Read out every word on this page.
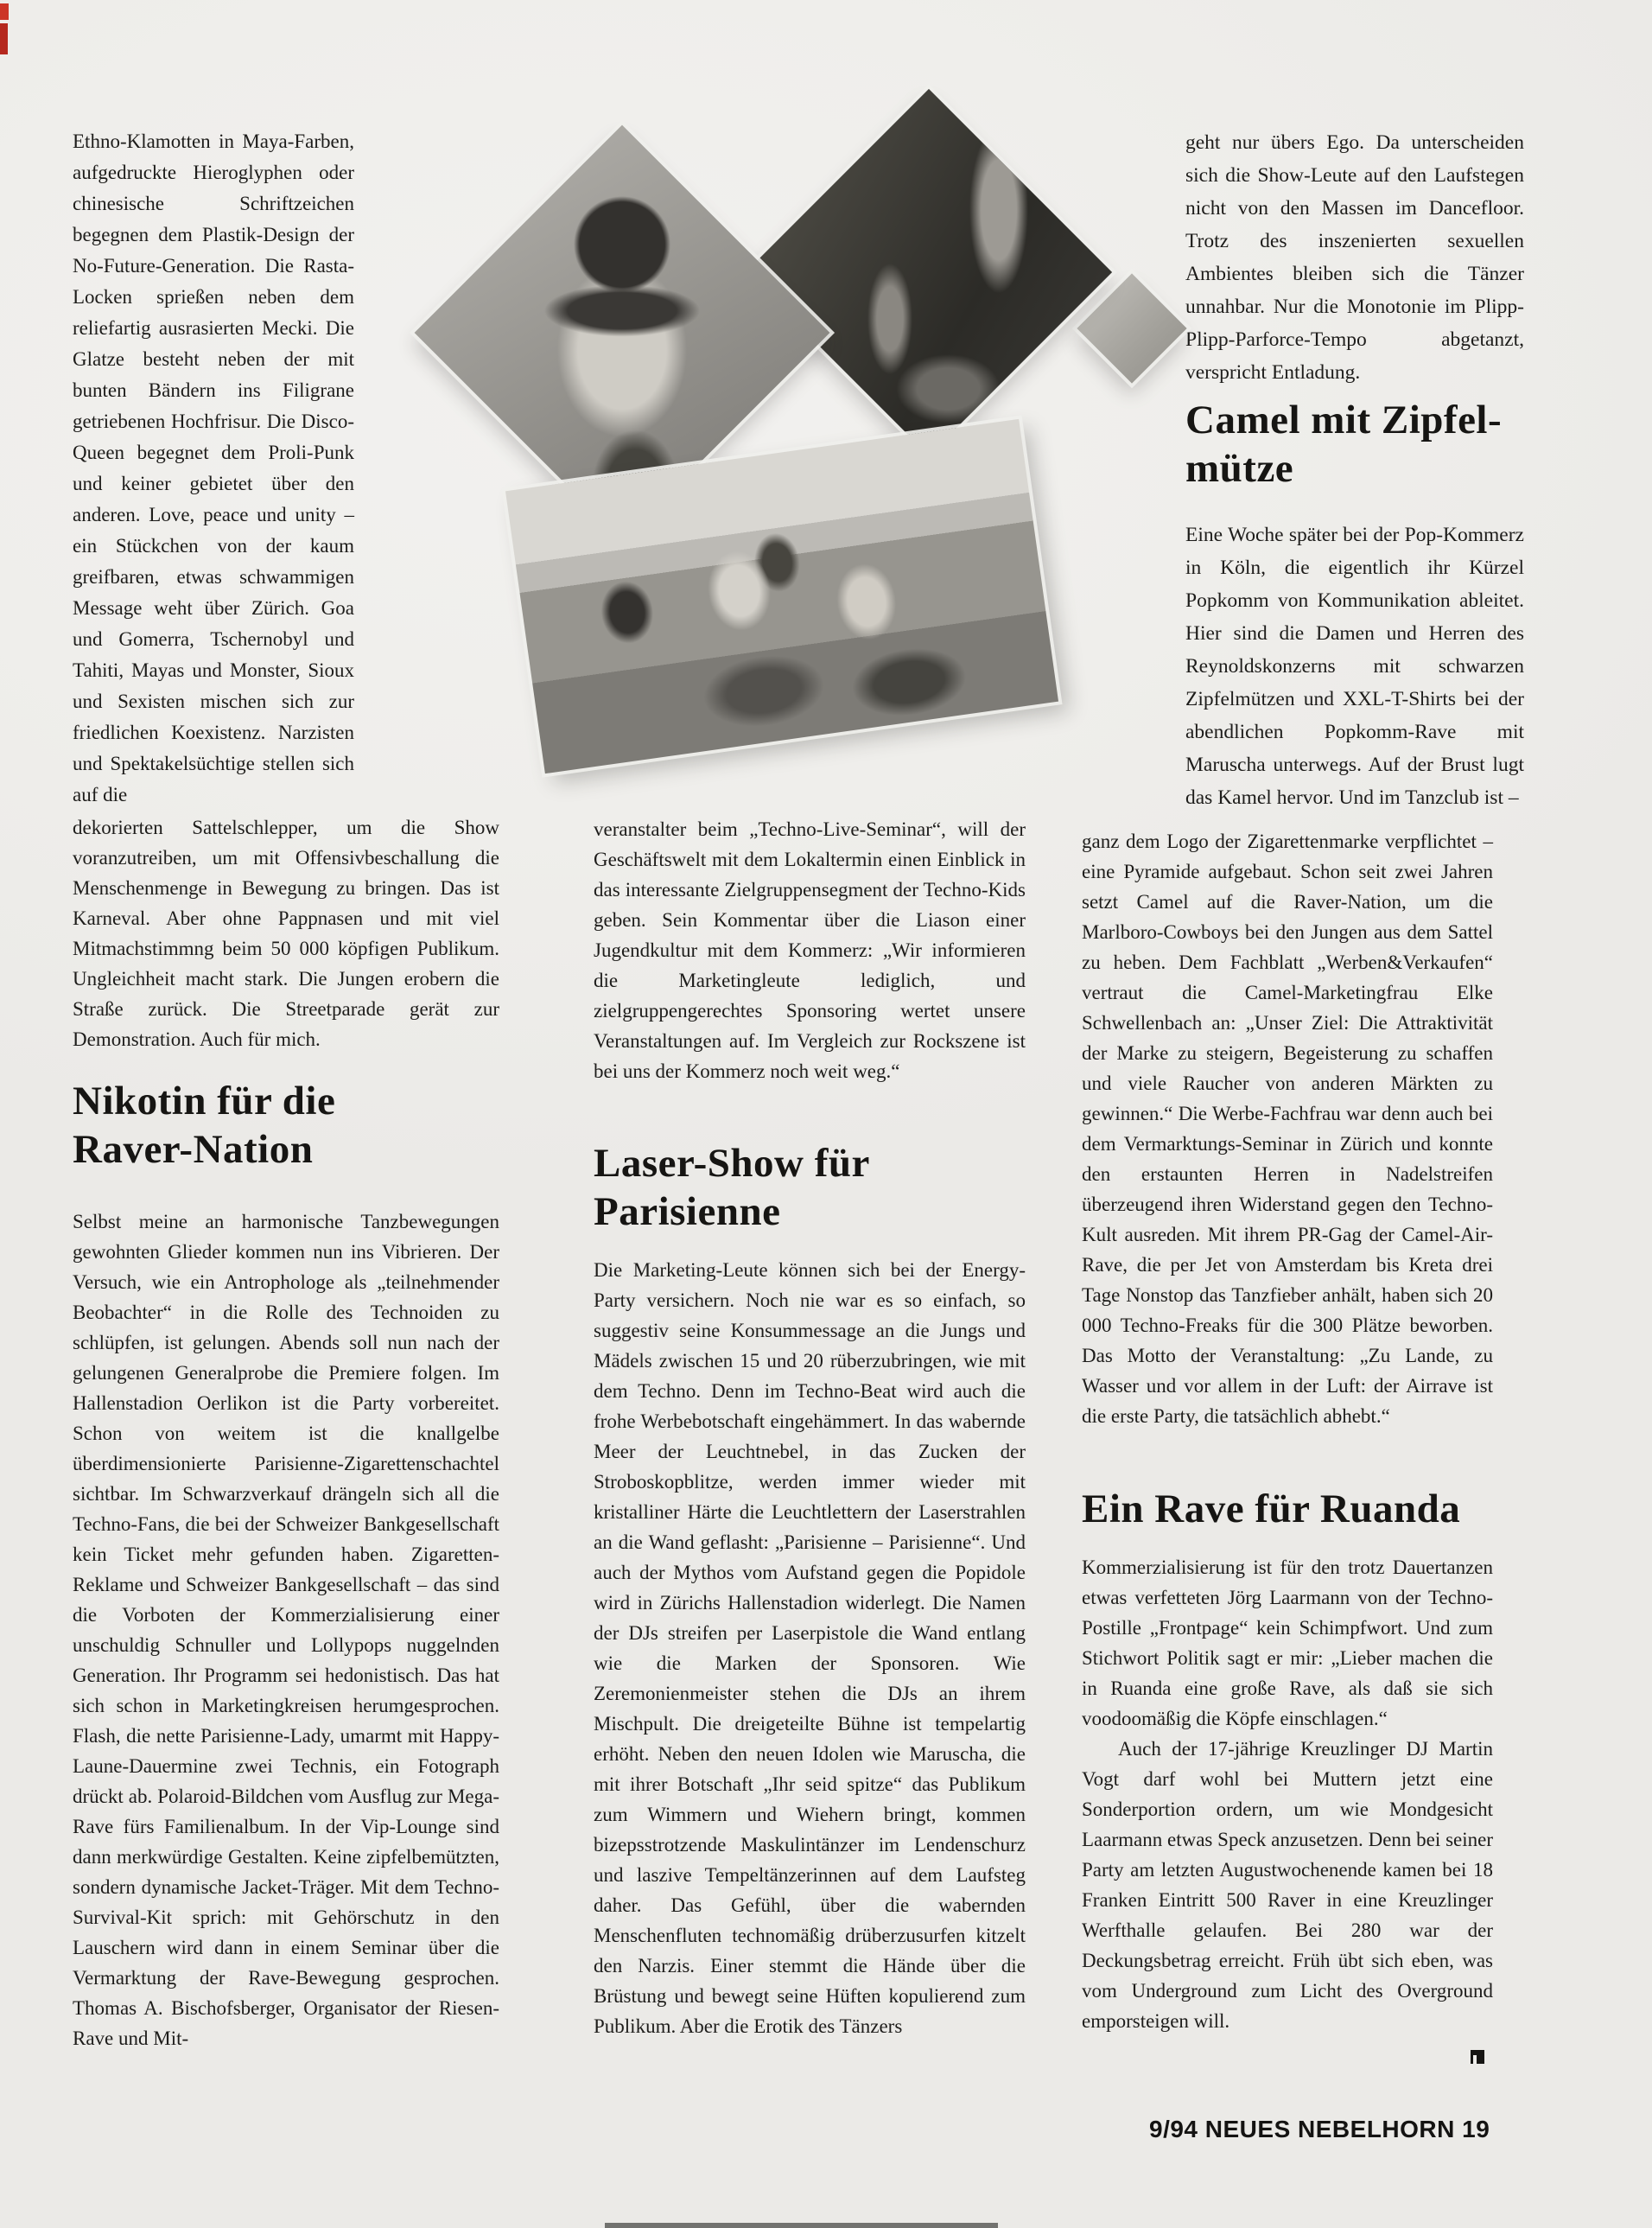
Ethno-Klamotten in Maya-Farben, aufgedruckte Hieroglyphen oder chinesische Schriftzeichen begegnen dem Plastik-Design der No-Future-Generation. Die Rasta-Locken sprießen neben dem reliefartig ausrasierten Mecki. Die Glatze besteht neben der mit bunten Bändern ins Filigrane getriebenen Hochfrisur. Die Disco-Queen begegnet dem Proli-Punk und keiner gebietet über den anderen. Love, peace und unity – ein Stückchen von der kaum greifbaren, etwas schwammigen Message weht über Zürich. Goa und Gomerra, Tschernobyl und Tahiti, Mayas und Monster, Sioux und Sexisten mischen sich zur friedlichen Koexistenz. Narzisten und Spektakelsüchtige stellen sich auf die
dekorierten Sattelschlepper, um die Show voranzutreiben, um mit Offensivbeschallung die Menschenmenge in Bewegung zu bringen. Das ist Karneval. Aber ohne Pappnasen und mit viel Mitmachstimmng beim 50 000 köpfigen Publikum. Ungleichheit macht stark. Die Jungen erobern die Straße zurück. Die Streetparade gerät zur Demonstration. Auch für mich.
Nikotin für die
Raver-Nation
Selbst meine an harmonische Tanzbewegungen gewohnten Glieder kommen nun ins Vibrieren. Der Versuch, wie ein Antrophologe als „teilnehmender Beobachter“ in die Rolle des Technoiden zu schlüpfen, ist gelungen. Abends soll nun nach der gelungenen Generalprobe die Premiere folgen. Im Hallenstadion Oerlikon ist die Party vorbereitet. Schon von weitem ist die knallgelbe überdimensionierte Parisienne-Zigarettenschachtel sichtbar. Im Schwarzverkauf drängeln sich all die Techno-Fans, die bei der Schweizer Bankgesellschaft kein Ticket mehr gefunden haben. Zigaretten-Reklame und Schweizer Bankgesellschaft – das sind die Vorboten der Kommerzialisierung einer unschuldig Schnuller und Lollypops nuggelnden Generation. Ihr Programm sei hedonistisch. Das hat sich schon in Marketingkreisen herumgesprochen. Flash, die nette Parisienne-Lady, umarmt mit Happy-Laune-Dauermine zwei Technis, ein Fotograph drückt ab. Polaroid-Bildchen vom Ausflug zur Mega-Rave fürs Familienalbum. In der Vip-Lounge sind dann merkwürdige Gestalten. Keine zipfelbemützten, sondern dynamische Jacket-Träger. Mit dem Techno-Survival-Kit sprich: mit Gehörschutz in den Lauschern wird dann in einem Seminar über die Vermarktung der Rave-Bewegung gesprochen. Thomas A. Bischofsberger, Organisator der Riesen-Rave und Mit-
veranstalter beim „Techno-Live-Seminar“, will der Geschäftswelt mit dem Lokaltermin einen Einblick in das interessante Zielgruppensegment der Techno-Kids geben. Sein Kommentar über die Liason einer Jugendkultur mit dem Kommerz: „Wir informieren die Marketingleute lediglich, und zielgruppengerechtes Sponsoring wertet unsere Veranstaltungen auf. Im Vergleich zur Rockszene ist bei uns der Kommerz noch weit weg.“
Laser-Show für
Parisienne
Die Marketing-Leute können sich bei der Energy-Party versichern. Noch nie war es so einfach, so suggestiv seine Konsummessage an die Jungs und Mädels zwischen 15 und 20 rüberzubringen, wie mit dem Techno. Denn im Techno-Beat wird auch die frohe Werbebotschaft eingehämmert. In das wabernde Meer der Leuchtnebel, in das Zucken der Stroboskopblitze, werden immer wieder mit kristalliner Härte die Leuchtlettern der Laserstrahlen an die Wand geflasht: „Parisienne – Parisienne“. Und auch der Mythos vom Aufstand gegen die Popidole wird in Zürichs Hallenstadion widerlegt. Die Namen der DJs streifen per Laserpistole die Wand entlang wie die Marken der Sponsoren. Wie Zeremonienmeister stehen die DJs an ihrem Mischpult. Die dreigeteilte Bühne ist tempelartig erhöht. Neben den neuen Idolen wie Maruscha, die mit ihrer Botschaft „Ihr seid spitze“ das Publikum zum Wimmern und Wiehern bringt, kommen bizepsstrotzende Maskulintänzer im Lendenschurz und laszive Tempeltänzerinnen auf dem Laufsteg daher. Das Gefühl, über die wabernden Menschenfluten technomäßig drüberzusurfen kitzelt den Narzis. Einer stemmt die Hände über die Brüstung und bewegt seine Hüften kopulierend zum Publikum. Aber die Erotik des Tänzers
geht nur übers Ego. Da unterscheiden sich die Show-Leute auf den Laufstegen nicht von den Massen im Dancefloor. Trotz des inszenierten sexuellen Ambientes bleiben sich die Tänzer unnahbar. Nur die Monotonie im Plipp-Plipp-Parforce-Tempo abgetanzt, verspricht Entladung.
Camel mit Zipfel-
mütze
Eine Woche später bei der Pop-Kommerz in Köln, die eigentlich ihr Kürzel Popkomm von Kommunikation ableitet. Hier sind die Damen und Herren des Reynoldskonzerns mit schwarzen Zipfelmützen und XXL-T-Shirts bei der abendlichen Popkomm-Rave mit Maruscha unterwegs. Auf der Brust lugt das Kamel hervor. Und im Tanzclub ist –
ganz dem Logo der Zigarettenmarke verpflichtet – eine Pyramide aufgebaut. Schon seit zwei Jahren setzt Camel auf die Raver-Nation, um die Marlboro-Cowboys bei den Jungen aus dem Sattel zu heben. Dem Fachblatt „Werben&Verkaufen“ vertraut die Camel-Marketingfrau Elke Schwellenbach an: „Unser Ziel: Die Attraktivität der Marke zu steigern, Begeisterung zu schaffen und viele Raucher von anderen Märkten zu gewinnen.“ Die Werbe-Fachfrau war denn auch bei dem Vermarktungs-Seminar in Zürich und konnte den erstaunten Herren in Nadelstreifen überzeugend ihren Widerstand gegen den Techno-Kult ausreden. Mit ihrem PR-Gag der Camel-Air-Rave, die per Jet von Amsterdam bis Kreta drei Tage Nonstop das Tanzfieber anhält, haben sich 20 000 Techno-Freaks für die 300 Plätze beworben. Das Motto der Veranstaltung: „Zu Lande, zu Wasser und vor allem in der Luft: der Airrave ist die erste Party, die tatsächlich abhebt.“
Ein Rave für Ruanda

Kommerzialisierung ist für den trotz Dauertanzen etwas verfetteten Jörg Laarmann von der Techno-Postille „Frontpage“ kein Schimpfwort. Und zum Stichwort Politik sagt er mir: „Lieber machen die in Ruanda eine große Rave, als daß sie sich voodoomäßig die Köpfe einschlagen.“

Auch der 17-jährige Kreuzlinger DJ Martin Vogt darf wohl bei Muttern jetzt eine Sonderportion ordern, um wie Mondgesicht Laarmann etwas Speck anzusetzen. Denn bei seiner Party am letzten Augustwochenende kamen bei 18 Franken Eintritt 500 Raver in eine Kreuzlinger Werfthalle gelaufen. Bei 280 war der Deckungsbetrag erreicht. Früh übt sich eben, was vom Underground zum Licht des Overground emporsteigen will.

9/94 NEUES NEBELHORN 19
